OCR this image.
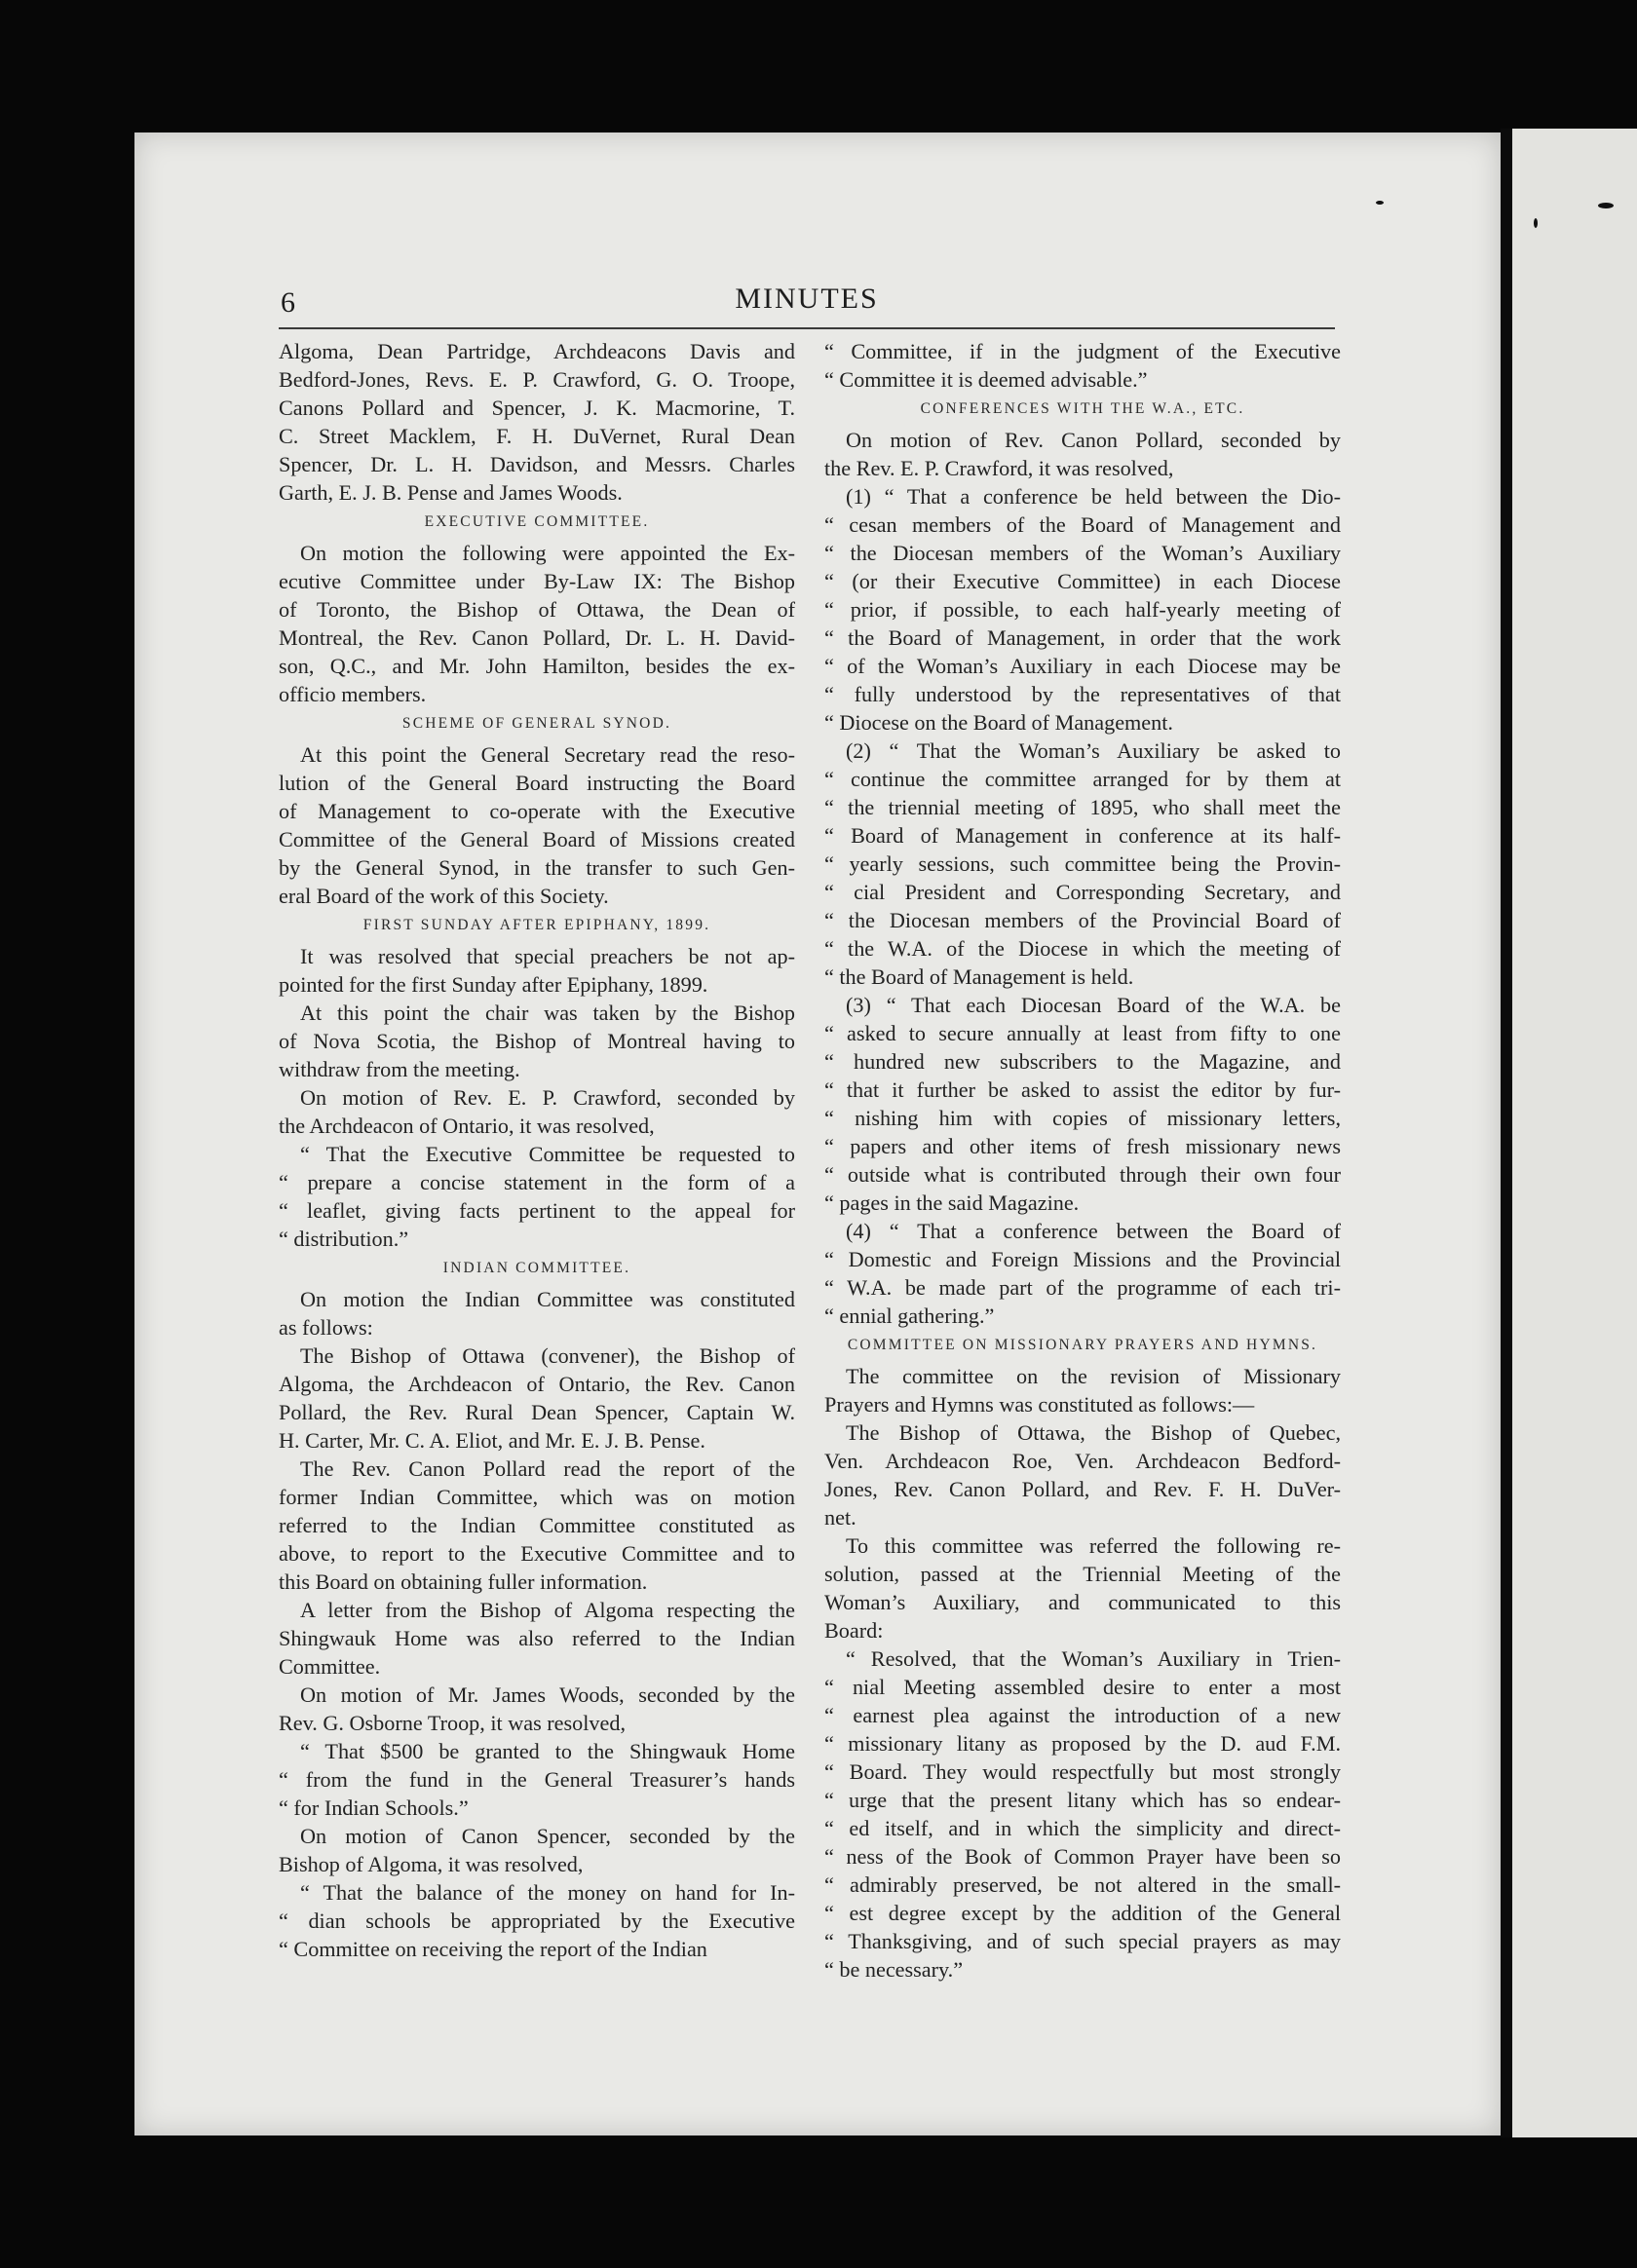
6	MINUTES
Algoma, Dean Partridge, Archdeacons Davis and
Bedford-Jones, Revs. E. P. Crawford, G. O. Troope,
Canons Pollard and Spencer, J. K. Macmorine, T.
C. Street Macklem, F. H. DuVernet, Rural Dean
Spencer, Dr. L. H. Davidson, and Messrs. Charles
Garth, E. J. B. Pense and James Woods.
EXECUTIVE COMMITTEE.
On motion the following were appointed the Ex-
ecutive Committee under By-Law IX: The Bishop
of Toronto, the Bishop of Ottawa, the Dean of
Montreal, the Rev. Canon Pollard, Dr. L. H. David-
son, Q.C., and Mr. John Hamilton, besides the ex-
officio members.
SCHEME OF GENERAL SYNOD.
At this point the General Secretary read the reso-
lution of the General Board instructing the Board
of Management to co-operate with the Executive
Committee of the General Board of Missions created
by the General Synod, in the transfer to such Gen-
eral Board of the work of this Society.
FIRST SUNDAY AFTER EPIPHANY, 1899.
It was resolved that special preachers be not ap-
pointed for the first Sunday after Epiphany, 1899.
At this point the chair was taken by the Bishop
of Nova Scotia, the Bishop of Montreal having to
withdraw from the meeting.
On motion of Rev. E. P. Crawford, seconded by
the Archdeacon of Ontario, it was resolved,
“ That the Executive Committee be requested to
“ prepare a concise statement in the form of a
“ leaflet, giving facts pertinent to the appeal for
“ distribution.”
INDIAN COMMITTEE.
On motion the Indian Committee was constituted
as follows:
The Bishop of Ottawa (convener), the Bishop of
Algoma, the Archdeacon of Ontario, the Rev. Canon
Pollard, the Rev. Rural Dean Spencer, Captain W.
H. Carter, Mr. C. A. Eliot, and Mr. E. J. B. Pense.
The Rev. Canon Pollard read the report of the
former Indian Committee, which was on motion
referred to the Indian Committee constituted as
above, to report to the Executive Committee and to
this Board on obtaining fuller information.
A letter from the Bishop of Algoma respecting the
Shingwauk Home was also referred to the Indian
Committee.
On motion of Mr. James Woods, seconded by the
Rev. G. Osborne Troop, it was resolved,
“ That $500 be granted to the Shingwauk Home
“ from the fund in the General Treasurer’s hands
“ for Indian Schools.”
On motion of Canon Spencer, seconded by the
Bishop of Algoma, it was resolved,
“ That the balance of the money on hand for In-
“ dian schools be appropriated by the Executive
“ Committee on receiving the report of the Indian
“ Committee, if in the judgment of the Executive
“ Committee it is deemed advisable.”
CONFERENCES WITH THE W.A., ETC.
On motion of Rev. Canon Pollard, seconded by
the Rev. E. P. Crawford, it was resolved,
(1) “ That a conference be held between the Dio-
“ cesan members of the Board of Management and
“ the Diocesan members of the Woman’s Auxiliary
“ (or their Executive Committee) in each Diocese
“ prior, if possible, to each half-yearly meeting of
“ the Board of Management, in order that the work
“ of the Woman’s Auxiliary in each Diocese may be
“ fully understood by the representatives of that
“ Diocese on the Board of Management.
(2) “ That the Woman’s Auxiliary be asked to
“ continue the committee arranged for by them at
“ the triennial meeting of 1895, who shall meet the
“ Board of Management in conference at its half-
“ yearly sessions, such committee being the Provin-
“ cial President and Corresponding Secretary, and
“ the Diocesan members of the Provincial Board of
“ the W.A. of the Diocese in which the meeting of
“ the Board of Management is held.
(3) “ That each Diocesan Board of the W.A. be
“ asked to secure annually at least from fifty to one
“ hundred new subscribers to the Magazine, and
“ that it further be asked to assist the editor by fur-
“ nishing him with copies of missionary letters,
“ papers and other items of fresh missionary news
“ outside what is contributed through their own four
“ pages in the said Magazine.
(4) “ That a conference between the Board of
“ Domestic and Foreign Missions and the Provincial
“ W.A. be made part of the programme of each tri-
“ ennial gathering.”
COMMITTEE ON MISSIONARY PRAYERS AND HYMNS.
The committee on the revision of Missionary
Prayers and Hymns was constituted as follows:—
The Bishop of Ottawa, the Bishop of Quebec,
Ven. Archdeacon Roe, Ven. Archdeacon Bedford-
Jones, Rev. Canon Pollard, and Rev. F. H. DuVer-
net.
To this committee was referred the following re-
solution, passed at the Triennial Meeting of the
Woman’s Auxiliary, and communicated to this
Board:
“ Resolved, that the Woman’s Auxiliary in Trien-
“ nial Meeting assembled desire to enter a most
“ earnest plea against the introduction of a new
“ missionary litany as proposed by the D. aud F.M.
“ Board. They would respectfully but most strongly
“ urge that the present litany which has so endear-
“ ed itself, and in which the simplicity and direct-
“ ness of the Book of Common Prayer have been so
“ admirably preserved, be not altered in the small-
“ est degree except by the addition of the General
“ Thanksgiving, and of such special prayers as may
“ be necessary.”
